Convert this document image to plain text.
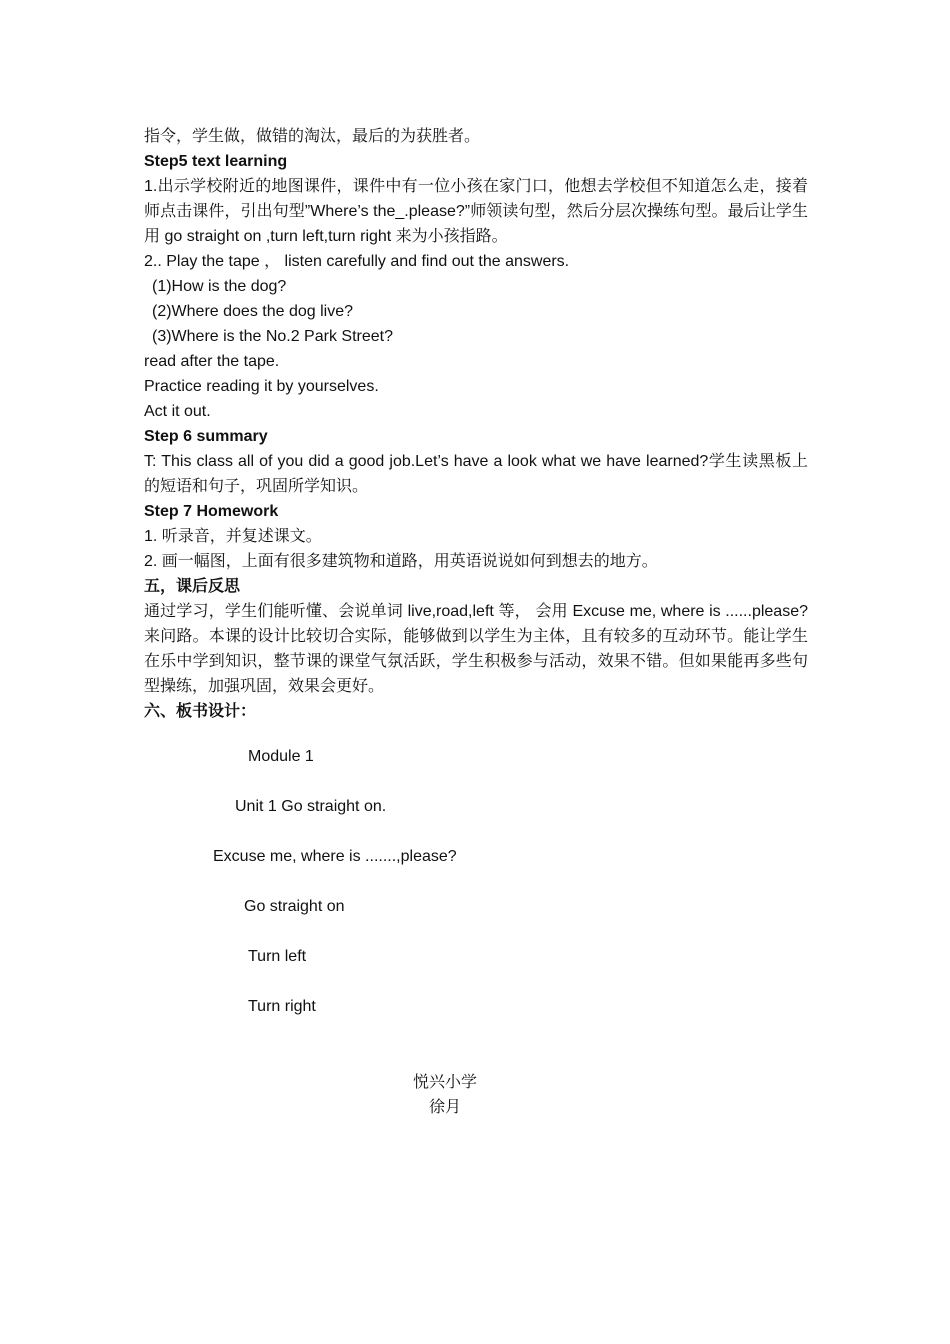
指令，学生做，做错的淘汰，最后的为获胜者。
Step5 text learning
1.出示学校附近的地图课件，课件中有一位小孩在家门口，他想去学校但不知道怎么走，接着师点击课件，引出句型”Where’s the_.please?”师领读句型，然后分层次操练句型。最后让学生用 go straight on ,turn left,turn right 来为小孩指路。
2.. Play the tape ， listen carefully and find out the answers.
(1)How is the dog?
(2)Where does the dog live?
(3)Where is the No.2 Park Street?
read after the tape.
Practice reading it by yourselves.
Act it out.
Step 6 summary
T: This class all of you did a good job.Let’s have a look what we have learned?学生读黑板上的短语和句子，巩固所学知识。
Step 7 Homework
1. 听录音，并复述课文。
2. 画一幅图，上面有很多建筑物和道路，用英语说说如何到想去的地方。
五，课后反思
通过学习，学生们能听懂、会说单词 live,road,left 等， 会用 Excuse me, where is ......please? 来问路。本课的设计比较切合实际，能够做到以学生为主体，且有较多的互动环节。能让学生在乐中学到知识，整节课的课堂气氛活跃，学生积极参与活动，效果不错。但如果能再多些句型操练，加强巩固，效果会更好。
六、板书设计：
Module 1
Unit 1 Go straight on.
Excuse me, where is .......,please?
Go straight on
Turn left
Turn right
悦兴小学
徐月
